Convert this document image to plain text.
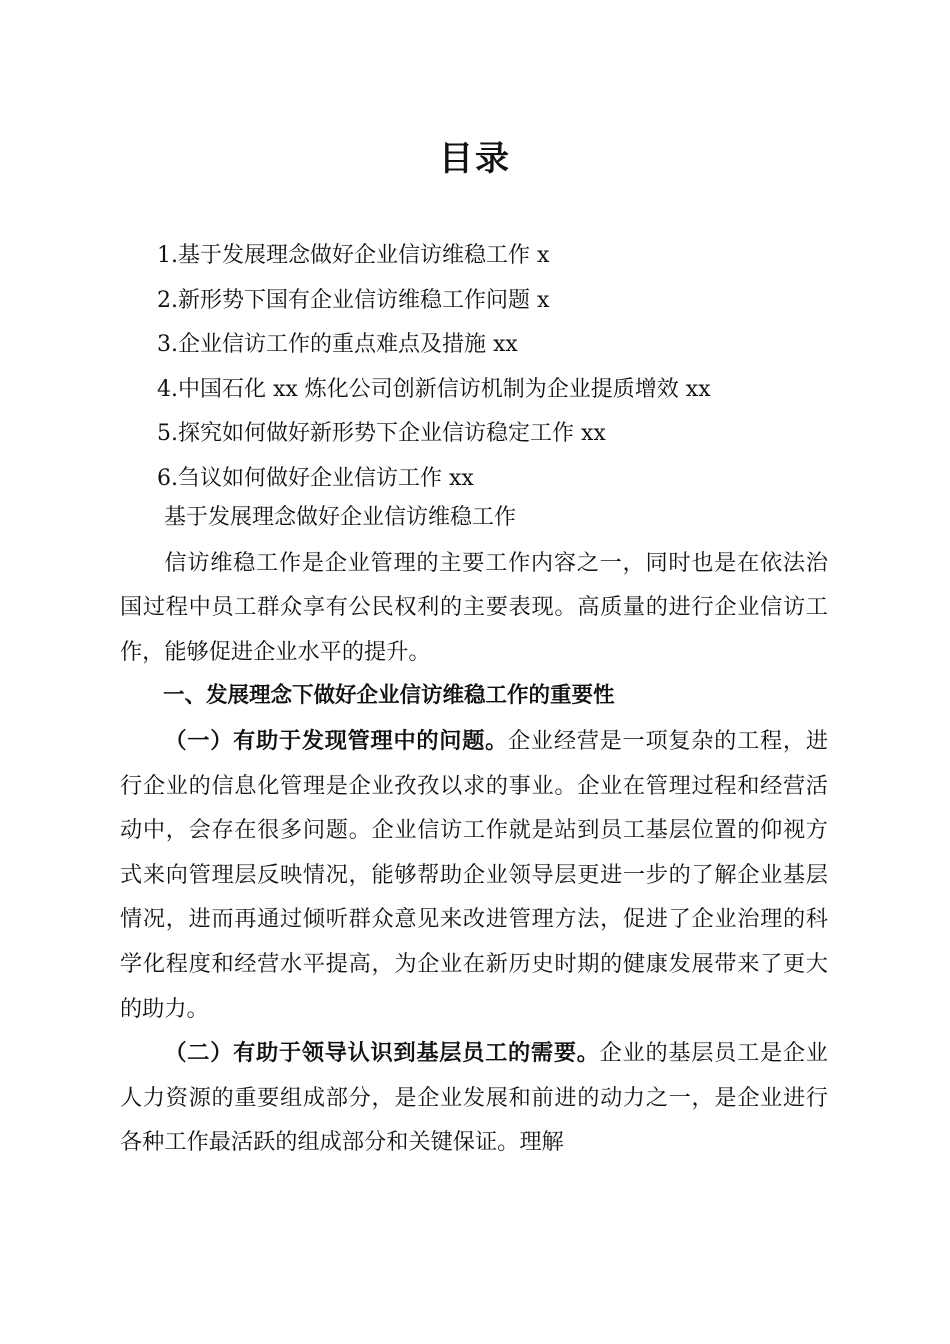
目录
1.基于发展理念做好企业信访维稳工作 x
2.新形势下国有企业信访维稳工作问题 x
3.企业信访工作的重点难点及措施 xx
4.中国石化 xx 炼化公司创新信访机制为企业提质增效 xx
5.探究如何做好新形势下企业信访稳定工作 xx
6.刍议如何做好企业信访工作 xx

基于发展理念做好企业信访维稳工作

信访维稳工作是企业管理的主要工作内容之一，同时也是在依法治国过程中员工群众享有公民权利的主要表现。高质量的进行企业信访工作，能够促进企业水平的提升。

一、发展理念下做好企业信访维稳工作的重要性

（一）有助于发现管理中的问题。企业经营是一项复杂的工程，进行企业的信息化管理是企业孜孜以求的事业。企业在管理过程和经营活动中，会存在很多问题。企业信访工作就是站到员工基层位置的仰视方式来向管理层反映情况，能够帮助企业领导层更进一步的了解企业基层情况，进而再通过倾听群众意见来改进管理方法，促进了企业治理的科学化程度和经营水平提高，为企业在新历史时期的健康发展带来了更大的助力。

（二）有助于领导认识到基层员工的需要。企业的基层员工是企业人力资源的重要组成部分，是企业发展和前进的动力之一，是企业进行各种工作最活跃的组成部分和关键保证。理解
